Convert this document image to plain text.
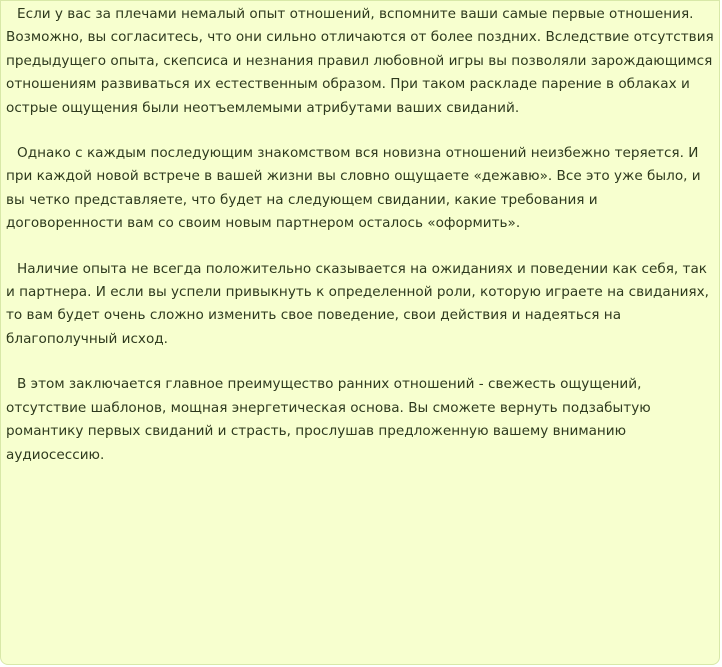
Если у вас за плечами немалый опыт отношений, вспомните ваши самые первые отношения. Возможно, вы согласитесь, что они сильно отличаются от более поздних. Вследствие отсутствия предыдущего опыта, скепсиса и незнания правил любовной игры вы позволяли зарождающимся отношениям развиваться их естественным образом. При таком раскладе парение в облаках и острые ощущения были неотъемлемыми атрибутами ваших свиданий.

Однако с каждым последующим знакомством вся новизна отношений неизбежно теряется. И при каждой новой встрече в вашей жизни вы словно ощущаете «дежавю». Все это уже было, и вы четко представляете, что будет на следующем свидании, какие требования и договоренности вам со своим новым партнером осталось «оформить».

Наличие опыта не всегда положительно сказывается на ожиданиях и поведении как себя, так и партнера. И если вы успели привыкнуть к определенной роли, которую играете на свиданиях, то вам будет очень сложно изменить свое поведение, свои действия и надеяться на благополучный исход.

В этом заключается главное преимущество ранних отношений - свежесть ощущений, отсутствие шаблонов, мощная энергетическая основа. Вы сможете вернуть подзабытую романтику первых свиданий и страсть, прослушав предложенную вашему вниманию аудиосессию.
